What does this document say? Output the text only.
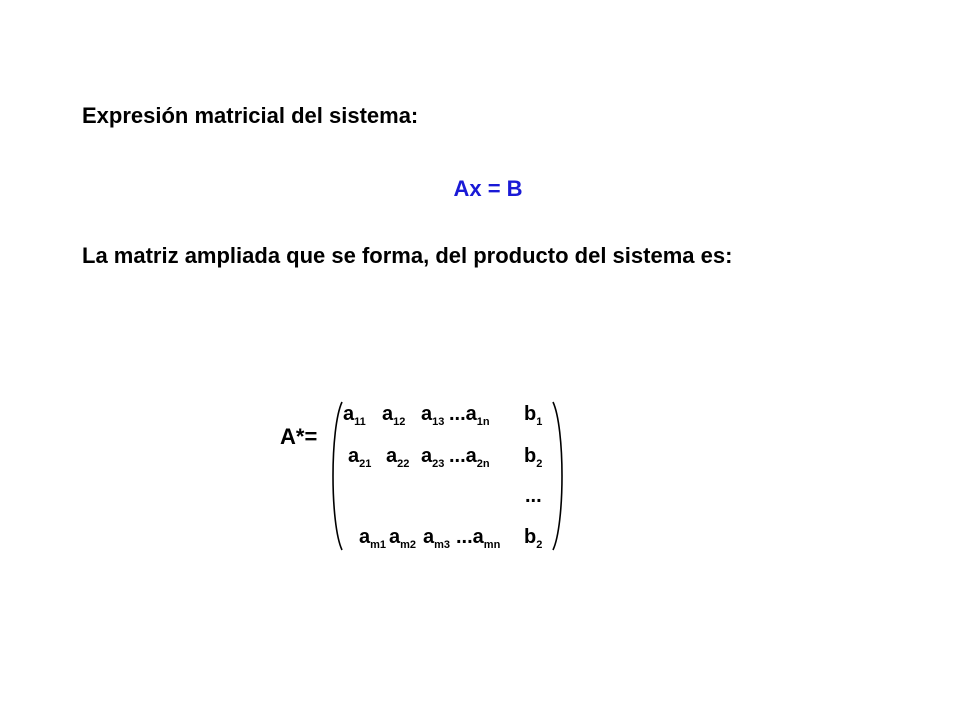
Expresión matricial del sistema:
Ax = B
La matriz ampliada que se forma, del producto del sistema es:
A*=
$a_{11}$ $a_{12}$ $a_{13}$ $...a_{1n}$ $b_1$
$a_{21}$ $a_{22}$ $a_{23}$ $...a_{2n}$ $b_2$
...
$a_{m1}$ $a_{m2}$ $a_{m3}$ $...a_{mn}$ $b_2$
